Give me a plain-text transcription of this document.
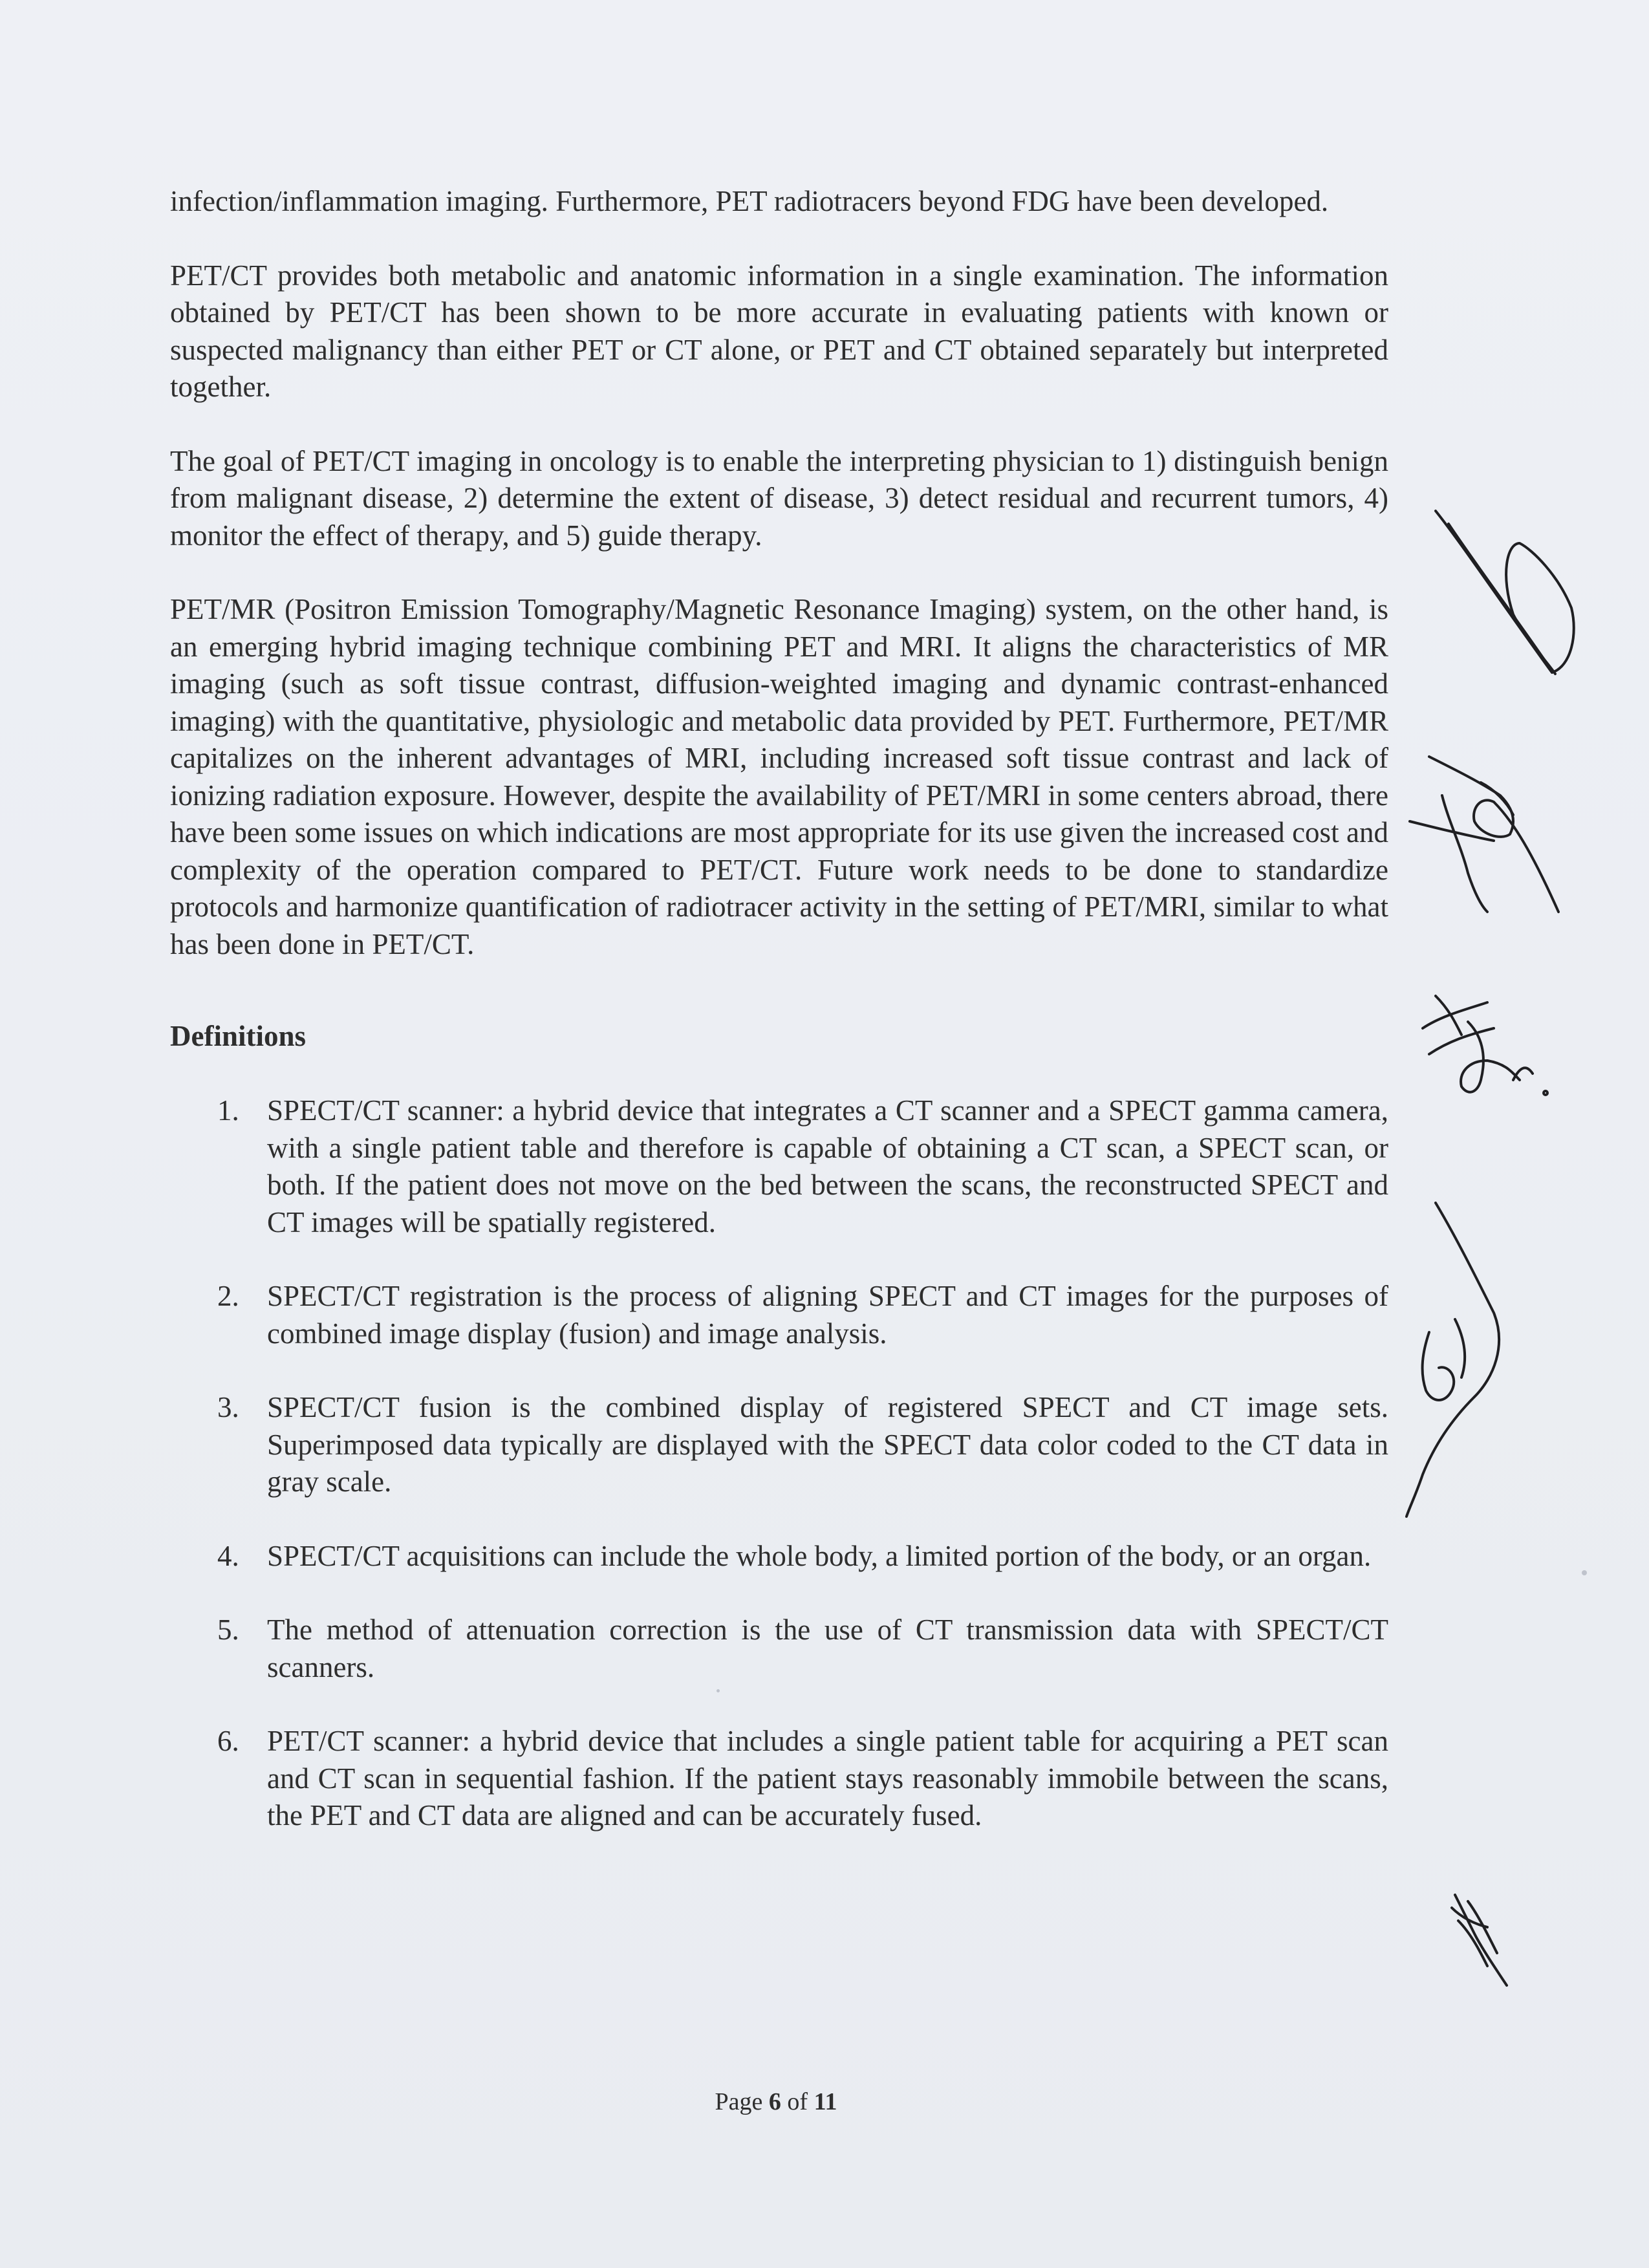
infection/inflammation imaging. Furthermore, PET radiotracers beyond FDG have been developed.

PET/CT provides both metabolic and anatomic information in a single examination. The information obtained by PET/CT has been shown to be more accurate in evaluating patients with known or suspected malignancy than either PET or CT alone, or PET and CT obtained separately but interpreted together.

The goal of PET/CT imaging in oncology is to enable the interpreting physician to 1) distinguish benign from malignant disease, 2) determine the extent of disease, 3) detect residual and recurrent tumors, 4) monitor the effect of therapy, and 5) guide therapy.

PET/MR (Positron Emission Tomography/Magnetic Resonance Imaging) system, on the other hand, is an emerging hybrid imaging technique combining PET and MRI. It aligns the characteristics of MR imaging (such as soft tissue contrast, diffusion-weighted imaging and dynamic contrast-enhanced imaging) with the quantitative, physiologic and metabolic data provided by PET. Furthermore, PET/MR capitalizes on the inherent advantages of MRI, including increased soft tissue contrast and lack of ionizing radiation exposure. However, despite the availability of PET/MRI in some centers abroad, there have been some issues on which indications are most appropriate for its use given the increased cost and complexity of the operation compared to PET/CT. Future work needs to be done to standardize protocols and harmonize quantification of radiotracer activity in the setting of PET/MRI, similar to what has been done in PET/CT.

Definitions
1. SPECT/CT scanner: a hybrid device that integrates a CT scanner and a SPECT gamma camera, with a single patient table and therefore is capable of obtaining a CT scan, a SPECT scan, or both. If the patient does not move on the bed between the scans, the reconstructed SPECT and CT images will be spatially registered.
2. SPECT/CT registration is the process of aligning SPECT and CT images for the purposes of combined image display (fusion) and image analysis.
3. SPECT/CT fusion is the combined display of registered SPECT and CT image sets. Superimposed data typically are displayed with the SPECT data color coded to the CT data in gray scale.
4. SPECT/CT acquisitions can include the whole body, a limited portion of the body, or an organ.
5. The method of attenuation correction is the use of CT transmission data with SPECT/CT scanners.
6. PET/CT scanner: a hybrid device that includes a single patient table for acquiring a PET scan and CT scan in sequential fashion. If the patient stays reasonably immobile between the scans, the PET and CT data are aligned and can be accurately fused.
Page 6 of 11
